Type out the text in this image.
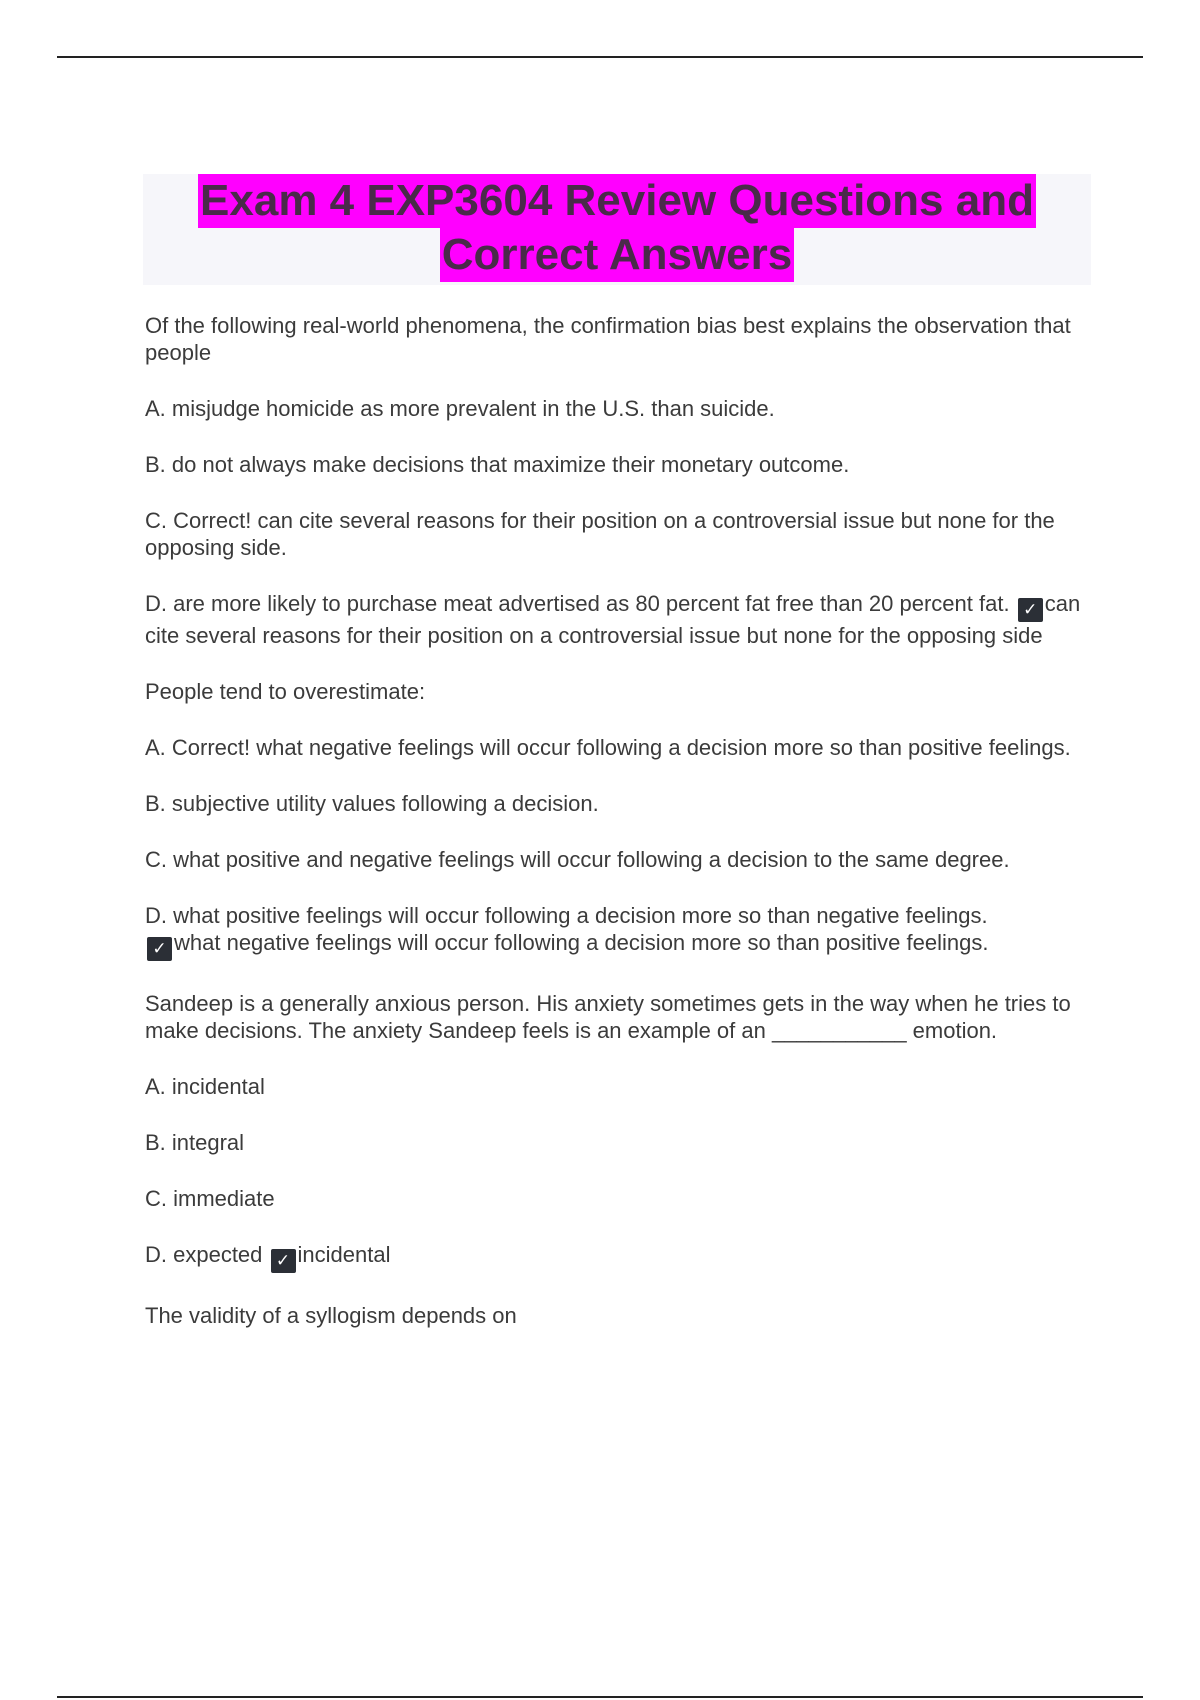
Exam 4 EXP3604 Review Questions and
Correct Answers

Of the following real-world phenomena, the confirmation bias best explains the observation that people

A. misjudge homicide as more prevalent in the U.S. than suicide.

B. do not always make decisions that maximize their monetary outcome.

C. Correct! can cite several reasons for their position on a controversial issue but none for the opposing side.

D. are more likely to purchase meat advertised as 80 percent fat free than 20 percent fat. ✓ can cite several reasons for their position on a controversial issue but none for the opposing side

People tend to overestimate:

A. Correct! what negative feelings will occur following a decision more so than positive feelings.

B. subjective utility values following a decision.

C. what positive and negative feelings will occur following a decision to the same degree.

D. what positive feelings will occur following a decision more so than negative feelings.
✓ what negative feelings will occur following a decision more so than positive feelings.

Sandeep is a generally anxious person. His anxiety sometimes gets in the way when he tries to make decisions. The anxiety Sandeep feels is an example of an ___________ emotion.

A. incidental

B. integral

C. immediate

D. expected ✓ incidental

The validity of a syllogism depends on
